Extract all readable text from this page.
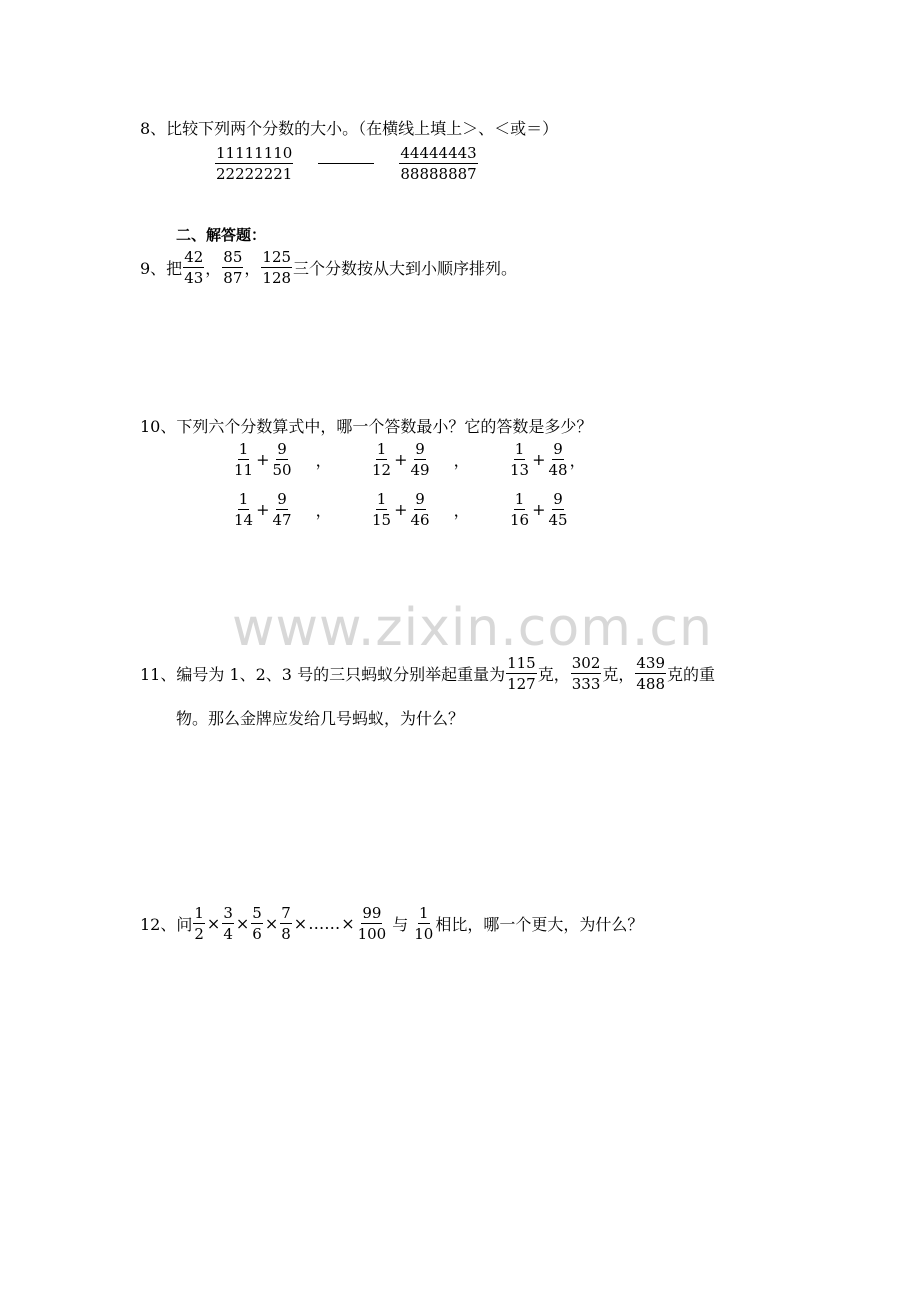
8、比较下列两个分数的大小。（在横线上填上＞、＜或＝）
$\frac{11111110}{22222221}$	$\frac{44444443}{88888887}$
二、解答题：
9、把 $\frac{42}{43}$ ， $\frac{85}{87}$ ， $\frac{125}{128}$ 三个分数按从大到小顺序排列。
10、下列六个分数算式中，哪一个答数最小？它的答数是多少？
$\frac{1}{11} + \frac{9}{50}$ ，	$\frac{1}{12} + \frac{9}{49}$ ，	$\frac{1}{13} + \frac{9}{48}$ ，
$\frac{1}{14} + \frac{9}{47}$ ，	$\frac{1}{15} + \frac{9}{46}$ ，	$\frac{1}{16} + \frac{9}{45}$
www.zixin.com.cn
11、编号为 1、2、3 号的三只蚂蚁分别举起重量为 $\frac{115}{127}$ 克， $\frac{302}{333}$ 克， $\frac{439}{488}$ 克的重
物。那么金牌应发给几号蚂蚁，为什么？
12、问 $\frac{1}{2} \times \frac{3}{4} \times \frac{5}{6} \times \frac{7}{8}$ × …… × $\frac{99}{100}$ 与 $\frac{1}{10}$ 相比，哪一个更大，为什么？
